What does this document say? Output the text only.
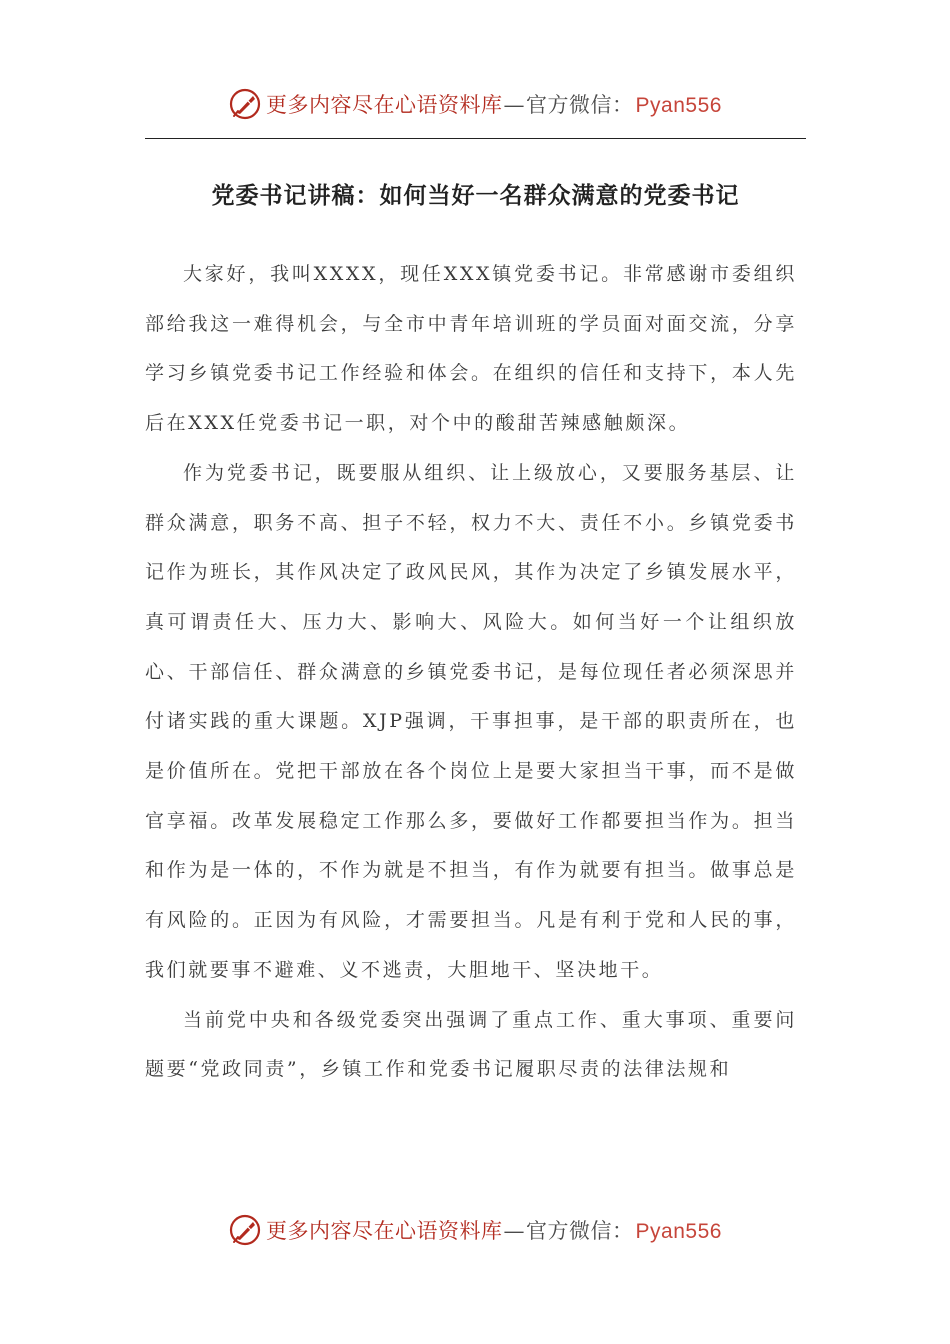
更多内容尽在心语资料库 — 官方微信： Pyan556
党委书记讲稿：如何当好一名群众满意的党委书记

大家好，我叫XXXX，现任XXX镇党委书记。非常感谢市委组织部给我这一难得机会，与全市中青年培训班的学员面对面交流，分享学习乡镇党委书记工作经验和体会。在组织的信任和支持下，本人先后在XXX任党委书记一职，对个中的酸甜苦辣感触颇深。

作为党委书记，既要服从组织、让上级放心，又要服务基层、让群众满意，职务不高、担子不轻，权力不大、责任不小。乡镇党委书记作为班长，其作风决定了政风民风，其作为决定了乡镇发展水平，真可谓责任大、压力大、影响大、风险大。如何当好一个让组织放心、干部信任、群众满意的乡镇党委书记，是每位现任者必须深思并付诸实践的重大课题。XJP强调，干事担事，是干部的职责所在，也是价值所在。党把干部放在各个岗位上是要大家担当干事，而不是做官享福。改革发展稳定工作那么多，要做好工作都要担当作为。担当和作为是一体的，不作为就是不担当，有作为就要有担当。做事总是有风险的。正因为有风险，才需要担当。凡是有利于党和人民的事，我们就要事不避难、义不逃责，大胆地干、坚决地干。

当前党中央和各级党委突出强调了重点工作、重大事项、重要问题要“党政同责”，乡镇工作和党委书记履职尽责的法律法规和

更多内容尽在心语资料库 — 官方微信： Pyan556
